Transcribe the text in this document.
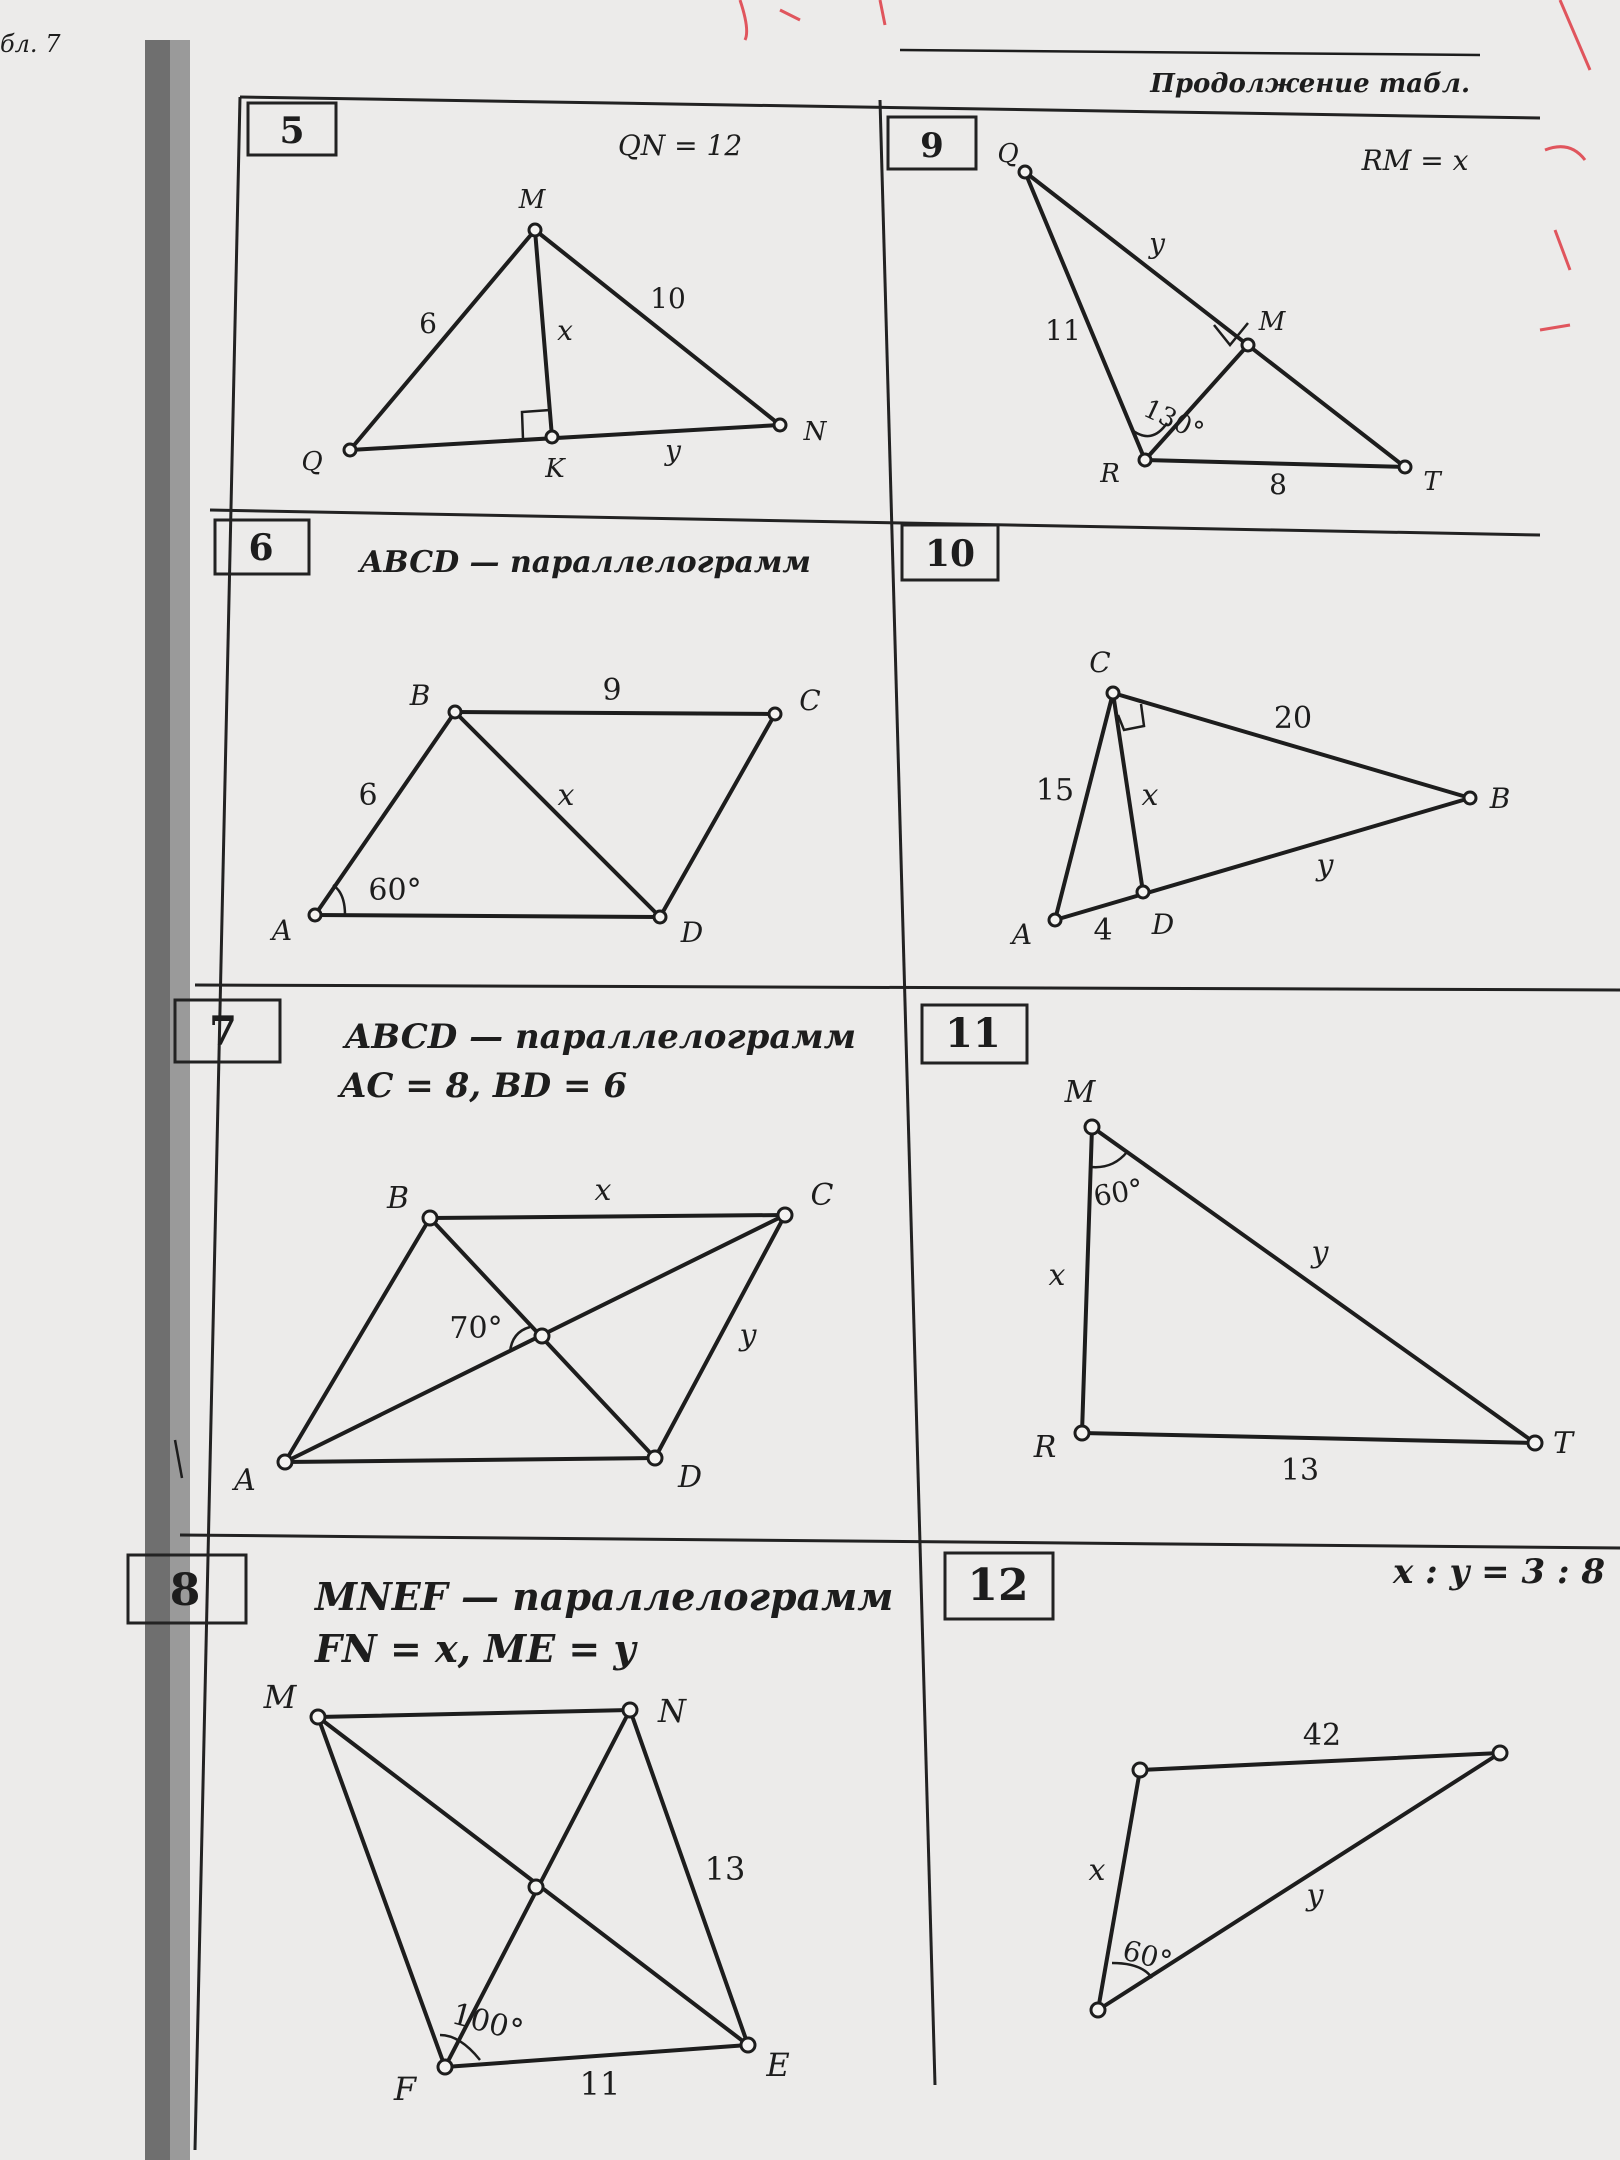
бл. 7
Продолжение табл.
5	QN = 12
M
Q	K
N
6
10
x
y
9	RM = x
Q
M
R	T
y
11
130°
8
6	ABCD — параллелограмм
A
B	C
D
9
6	x
60°
10
C
B
A	D
20
15 x
y
4
7	ABCD — параллелограмм
AC = 8, BD = 6
B	C
A	D
x
70°	y
11
M
R	T
60°
x
y
13
8	MNEF — параллелограмм
FN = x, ME = y
M	N
F
E
13
100°
11
12	x : y = 3 : 8
42
x
y
60°
